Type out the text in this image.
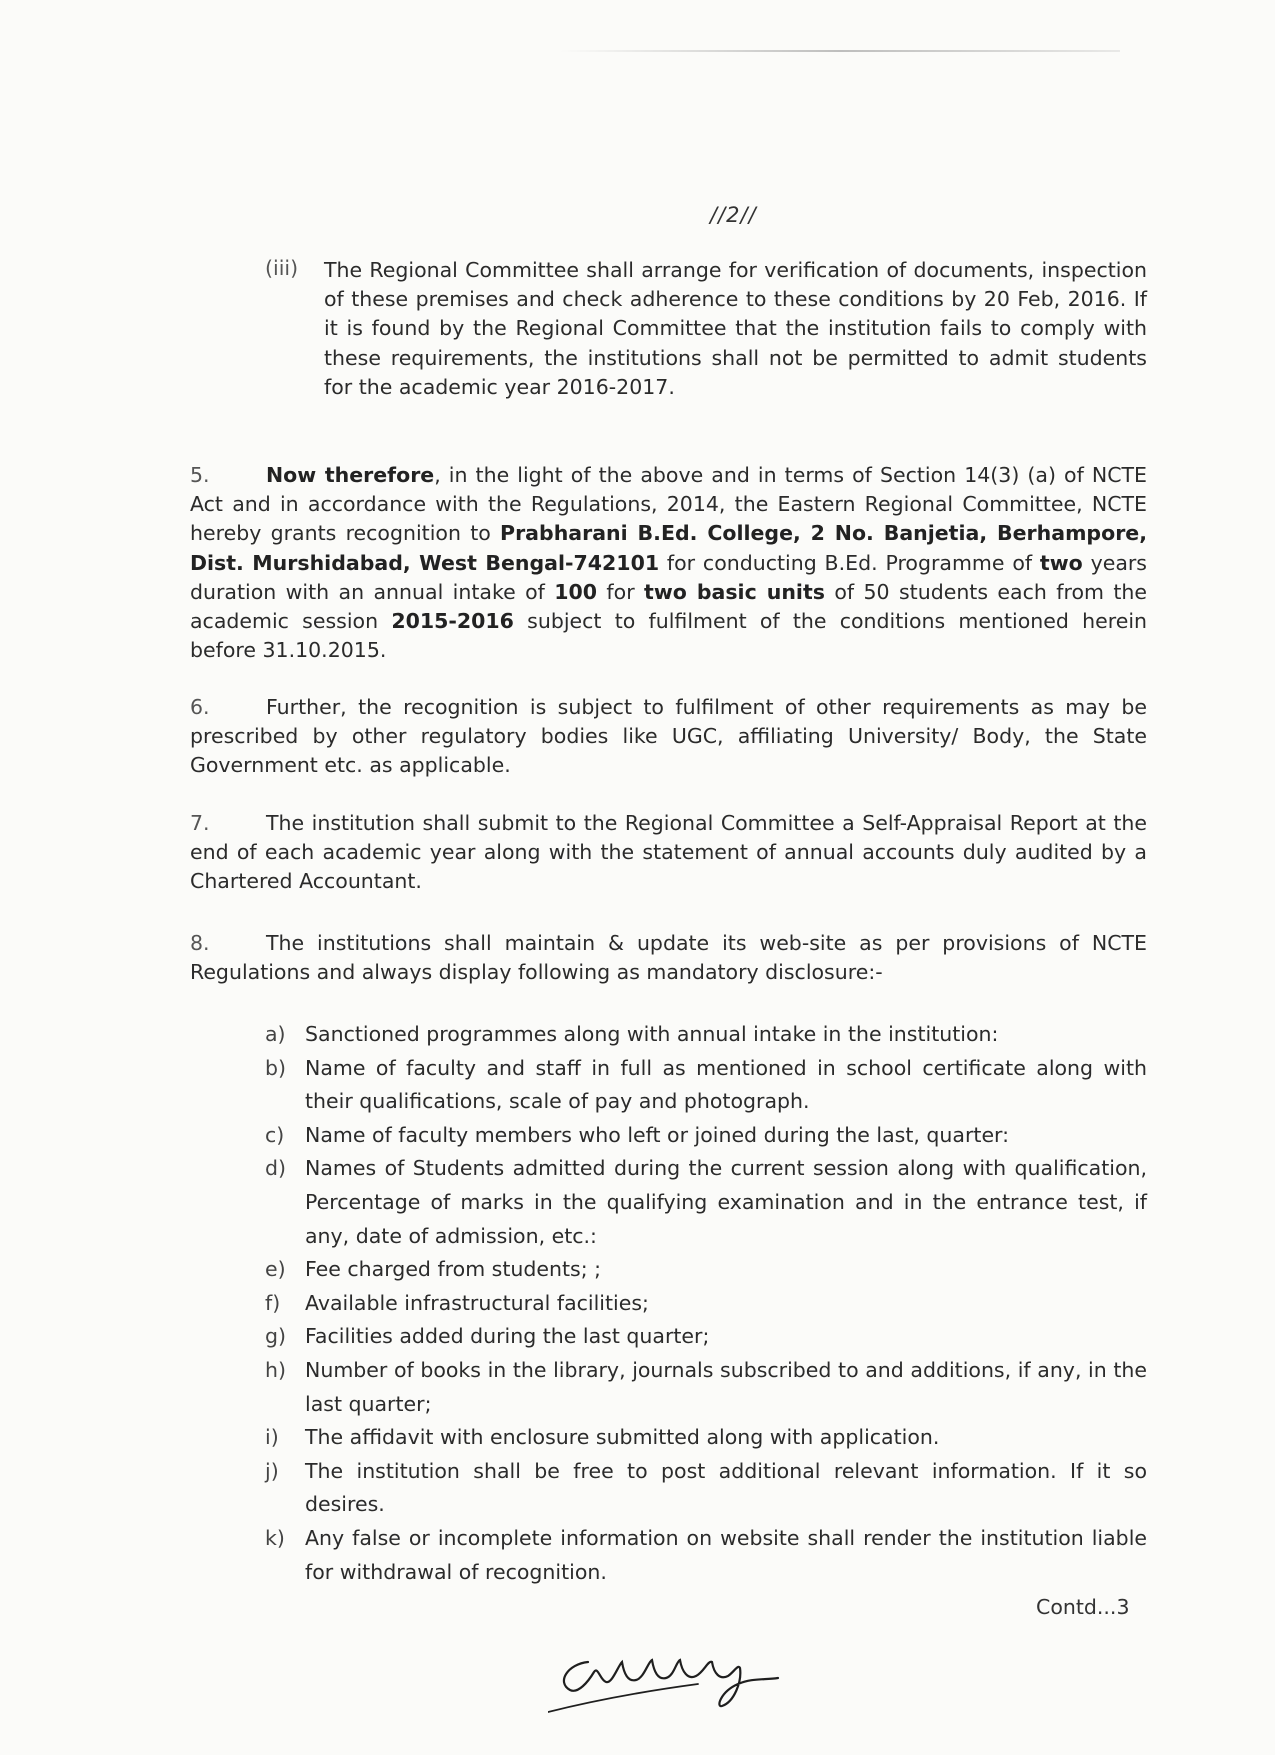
//2//
(iii) The Regional Committee shall arrange for verification of documents, inspection of these premises and check adherence to these conditions by 20 Feb, 2016. If it is found by the Regional Committee that the institution fails to comply with these requirements, the institutions shall not be permitted to admit students for the academic year 2016-2017.
5.	Now therefore, in the light of the above and in terms of Section 14(3) (a) of NCTE Act and in accordance with the Regulations, 2014, the Eastern Regional Committee, NCTE hereby grants recognition to Prabharani B.Ed. College, 2 No. Banjetia, Berhampore, Dist. Murshidabad, West Bengal-742101 for conducting B.Ed. Programme of two years duration with an annual intake of 100 for two basic units of 50 students each from the academic session 2015-2016 subject to fulfilment of the conditions mentioned herein before 31.10.2015.
6.	Further, the recognition is subject to fulfilment of other requirements as may be prescribed by other regulatory bodies like UGC, affiliating University/ Body, the State Government etc. as applicable.
7.	The institution shall submit to the Regional Committee a Self-Appraisal Report at the end of each academic year along with the statement of annual accounts duly audited by a Chartered Accountant.
8.	The institutions shall maintain & update its web-site as per provisions of NCTE Regulations and always display following as mandatory disclosure:-
a) Sanctioned programmes along with annual intake in the institution:
b) Name of faculty and staff in full as mentioned in school certificate along with their qualifications, scale of pay and photograph.
c)	Name of faculty members who left or joined during the last, quarter:
d) Names of Students admitted during the current session along with qualification, Percentage of marks in the qualifying examination and in the entrance test, if any, date of admission, etc.:
e) Fee charged from students; ;
f)	Available infrastructural facilities;
g) Facilities added during the last quarter;
h) Number of books in the library, journals subscribed to and additions, if any, in the last quarter;
i)	The affidavit with enclosure submitted along with application.
j)	The institution shall be free to post additional relevant information. If it so desires.
k) Any false or incomplete information on website shall render the institution liable for withdrawal of recognition.
Contd...3
